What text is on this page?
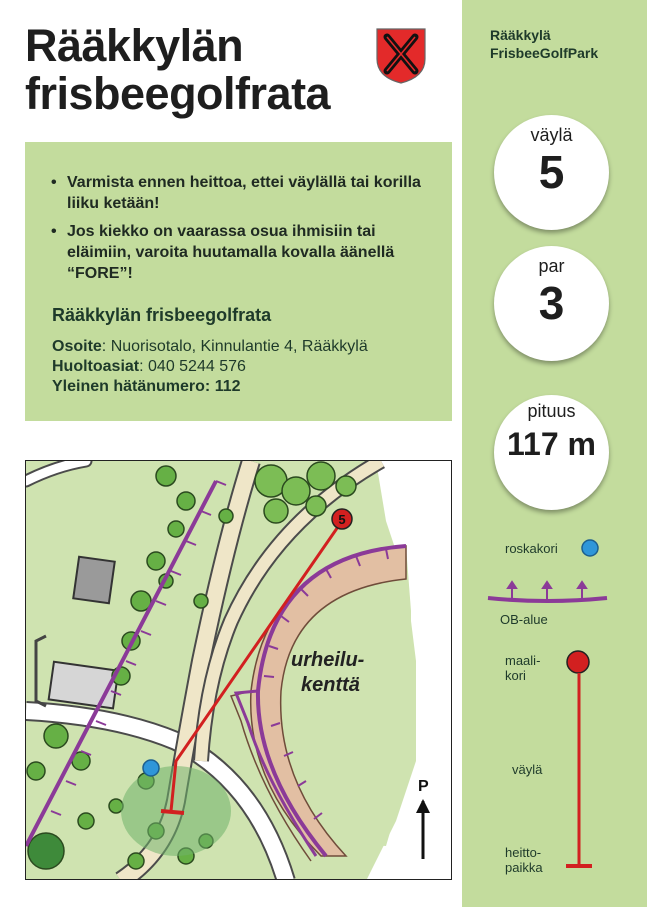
Rääkkylän
frisbeegolfrata
• Varmista ennen heittoa, ettei väylällä tai korilla liiku ketään!
• Jos kiekko on vaarassa osua ihmisiin tai eläimiin, varoita huutamalla kovalla äänellä “FORE”!
Rääkkylän frisbeegolfrata
Osoite: Nuorisotalo, Kinnulantie 4, Rääkkylä
Huoltoasiat: 040 5244 576
Yleinen hätänumero: 112
5
urheilu-
kenttä
P
Rääkkylä
FrisbeeGolfPark
väylä
5
par
3
pituus
117 m
roskakori
OB-alue
maali-
kori
väylä
heitto-
paikka
